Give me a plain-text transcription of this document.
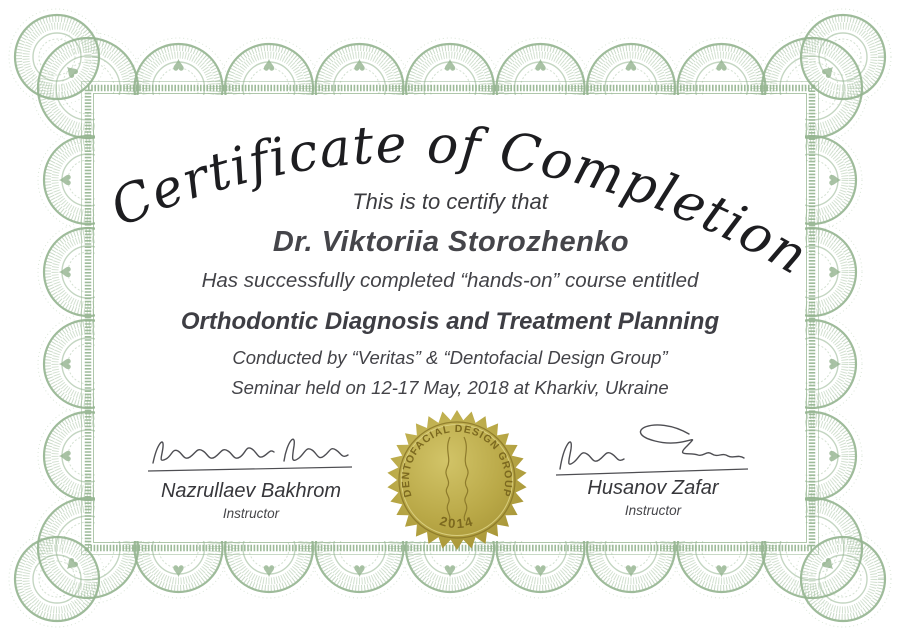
♥
♥
♥
♥
♥
♥
♥
♥
♥
♥
♥
♥
♥
♥
♥	♥
♥	♥
♥	♥
♥	♥
♥	♥
♥	♥
Certificate of Completion
This is to certify that
Dr. Viktoriia Storozhenko
Has successfully completed “hands-on” course entitled
Orthodontic Diagnosis and Treatment Planning
Conducted by “Veritas” & “Dentofacial Design Group”
Seminar held on 12-17 May, 2018 at Kharkiv, Ukraine
Nazrullaev Bakhrom
Instructor
Husanov Zafar
Instructor
DENTOFACIAL DESIGN GROUP
2014
